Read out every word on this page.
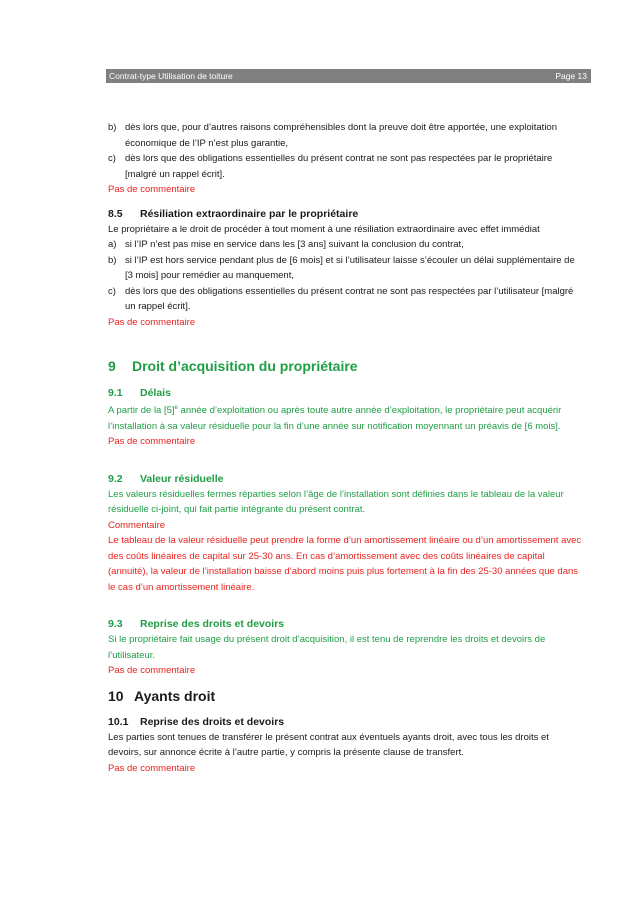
Contrat-type Utilisation de toiture	Page 13

b) dès lors que, pour d’autres raisons compréhensibles dont la preuve doit être apportée, une exploitation

économique de l’IP n’est plus garantie,

c) dès lors que des obligations essentielles du présent contrat ne sont pas respectées par le propriétaire

[malgré un rappel écrit].

Pas de commentaire

8.5 Résiliation extraordinaire par le propriétaire

Le propriétaire a le droit de procéder à tout moment à une résiliation extraordinaire avec effet immédiat

a) si l’IP n’est pas mise en service dans les [3 ans] suivant la conclusion du contrat,

b) si l’IP est hors service pendant plus de [6 mois] et si l’utilisateur laisse s’écouler un délai supplémentaire de

[3 mois] pour remédier au manquement,

c) dès lors que des obligations essentielles du présent contrat ne sont pas respectées par l’utilisateur [malgré

un rappel écrit].

Pas de commentaire

9 Droit d’acquisition du propriétaire
9.1 Délais

A partir de la $[5]^e$ année d’exploitation ou après toute autre année d’exploitation, le propriétaire peut acquérir

l’installation à sa valeur résiduelle pour la fin d’une année sur notification moyennant un préavis de [6 mois].

Pas de commentaire

9.2 Valeur résiduelle

Les valeurs résiduelles fermes réparties selon l’âge de l’installation sont définies dans le tableau de la valeur

résiduelle ci-joint, qui fait partie intégrante du présent contrat.

Commentaire

Le tableau de la valeur résiduelle peut prendre la forme d’un amortissement linéaire ou d’un amortissement avec

des coûts linéaires de capital sur 25-30 ans. En cas d’amortissement avec des coûts linéaires de capital

(annuité), la valeur de l’installation baisse d’abord moins puis plus fortement à la fin des 25-30 années que dans

le cas d’un amortissement linéaire.

9.3 Reprise des droits et devoirs

Si le propriétaire fait usage du présent droit d’acquisition, il est tenu de reprendre les droits et devoirs de

l’utilisateur.

Pas de commentaire

10 Ayants droit
10.1 Reprise des droits et devoirs

Les parties sont tenues de transférer le présent contrat aux éventuels ayants droit, avec tous les droits et

devoirs, sur annonce écrite à l’autre partie, y compris la présente clause de transfert.

Pas de commentaire
